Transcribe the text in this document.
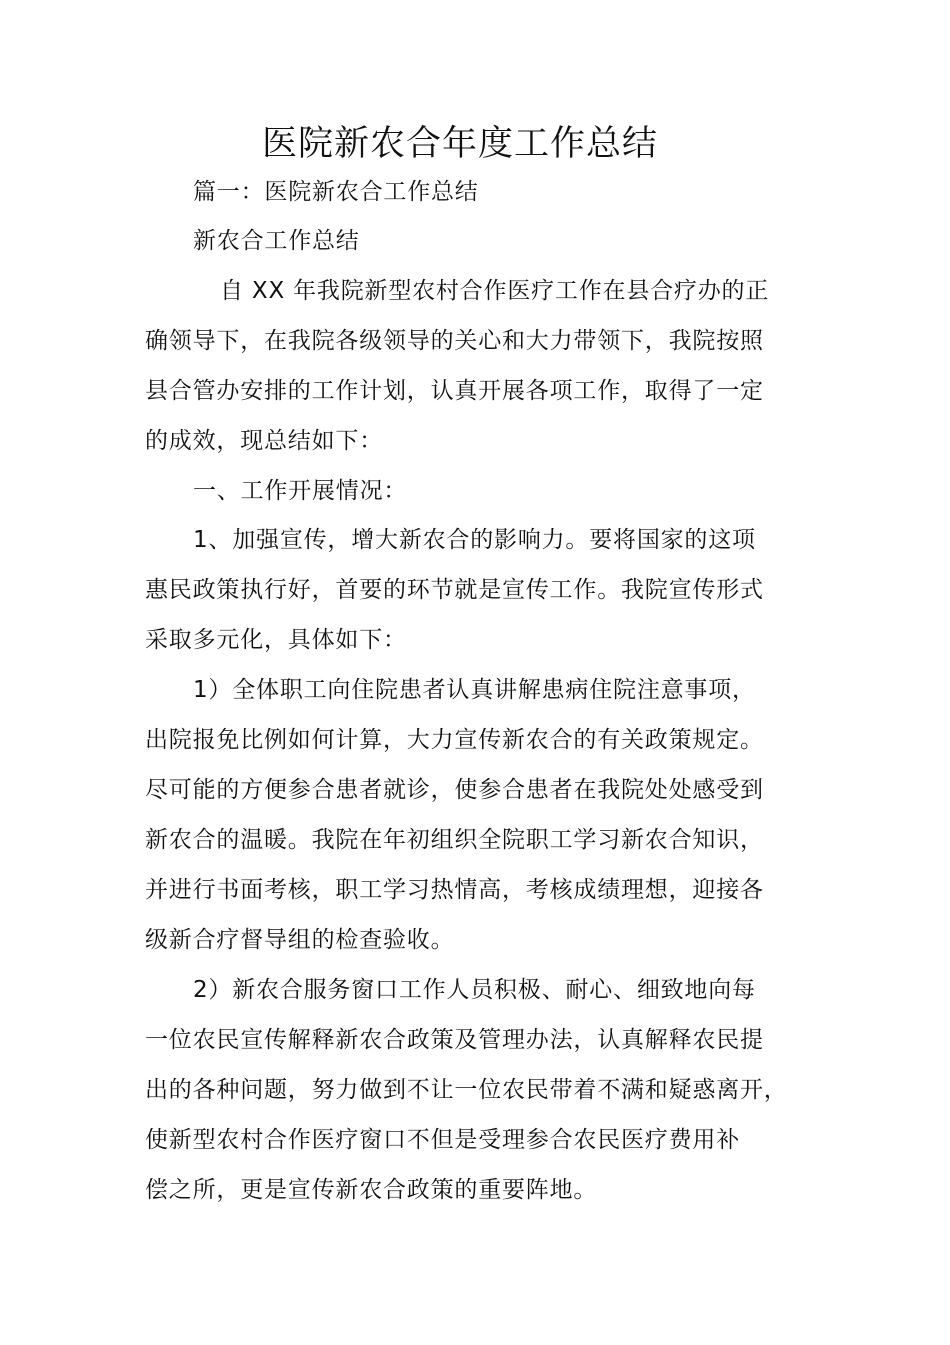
医院新农合年度工作总结
篇一：医院新农合工作总结
新农合工作总结
自 XX 年我院新型农村合作医疗工作在县合疗办的正
确领导下，在我院各级领导的关心和大力带领下，我院按照
县合管办安排的工作计划，认真开展各项工作，取得了一定
的成效，现总结如下：
一、工作开展情况：
1、加强宣传，增大新农合的影响力。要将国家的这项
惠民政策执行好，首要的环节就是宣传工作。我院宣传形式
采取多元化，具体如下：
1）全体职工向住院患者认真讲解患病住院注意事项，
出院报免比例如何计算，大力宣传新农合的有关政策规定。
尽可能的方便参合患者就诊，使参合患者在我院处处感受到
新农合的温暖。我院在年初组织全院职工学习新农合知识，
并进行书面考核，职工学习热情高，考核成绩理想，迎接各
级新合疗督导组的检查验收。
2）新农合服务窗口工作人员积极、耐心、细致地向每
一位农民宣传解释新农合政策及管理办法，认真解释农民提
出的各种问题，努力做到不让一位农民带着不满和疑惑离开，
使新型农村合作医疗窗口不但是受理参合农民医疗费用补
偿之所，更是宣传新农合政策的重要阵地。
